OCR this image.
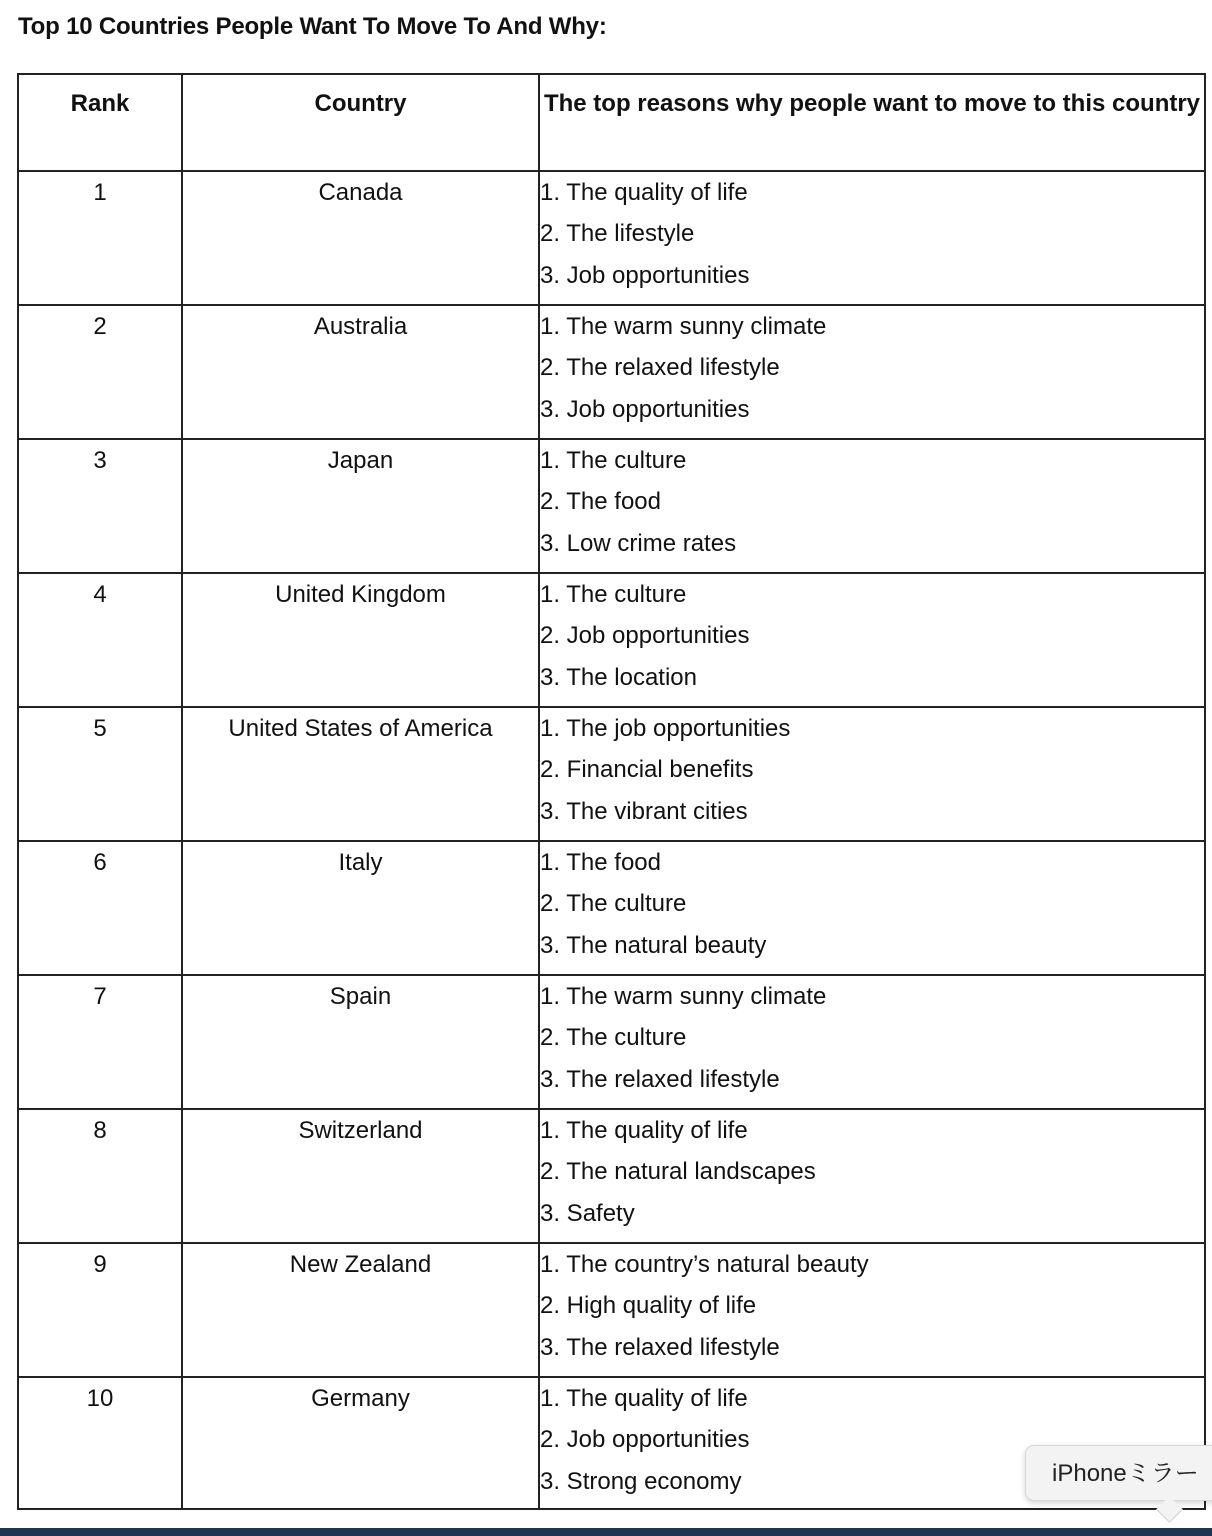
Top 10 Countries People Want To Move To And Why:
Rank	Country	The top reasons why people want to move to this country
1	Canada	1. The quality of life
2. The lifestyle
3. Job opportunities

2	Australia	1. The warm sunny climate
2. The relaxed lifestyle
3. Job opportunities

3	Japan	1. The culture
2. The food
3. Low crime rates

4	United Kingdom	1. The culture
2. Job opportunities
3. The location

5	United States of America	1. The job opportunities
2. Financial benefits
3. The vibrant cities

6	Italy	1. The food
2. The culture
3. The natural beauty

7	Spain	1. The warm sunny climate
2. The culture
3. The relaxed lifestyle

8	Switzerland	1. The quality of life
2. The natural landscapes
3. Safety

9	New Zealand	1. The country’s natural beauty
2. High quality of life
3. The relaxed lifestyle

10	Germany	1. The quality of life
2. Job opportunities
3. Strong economy	iPhoneミラー
